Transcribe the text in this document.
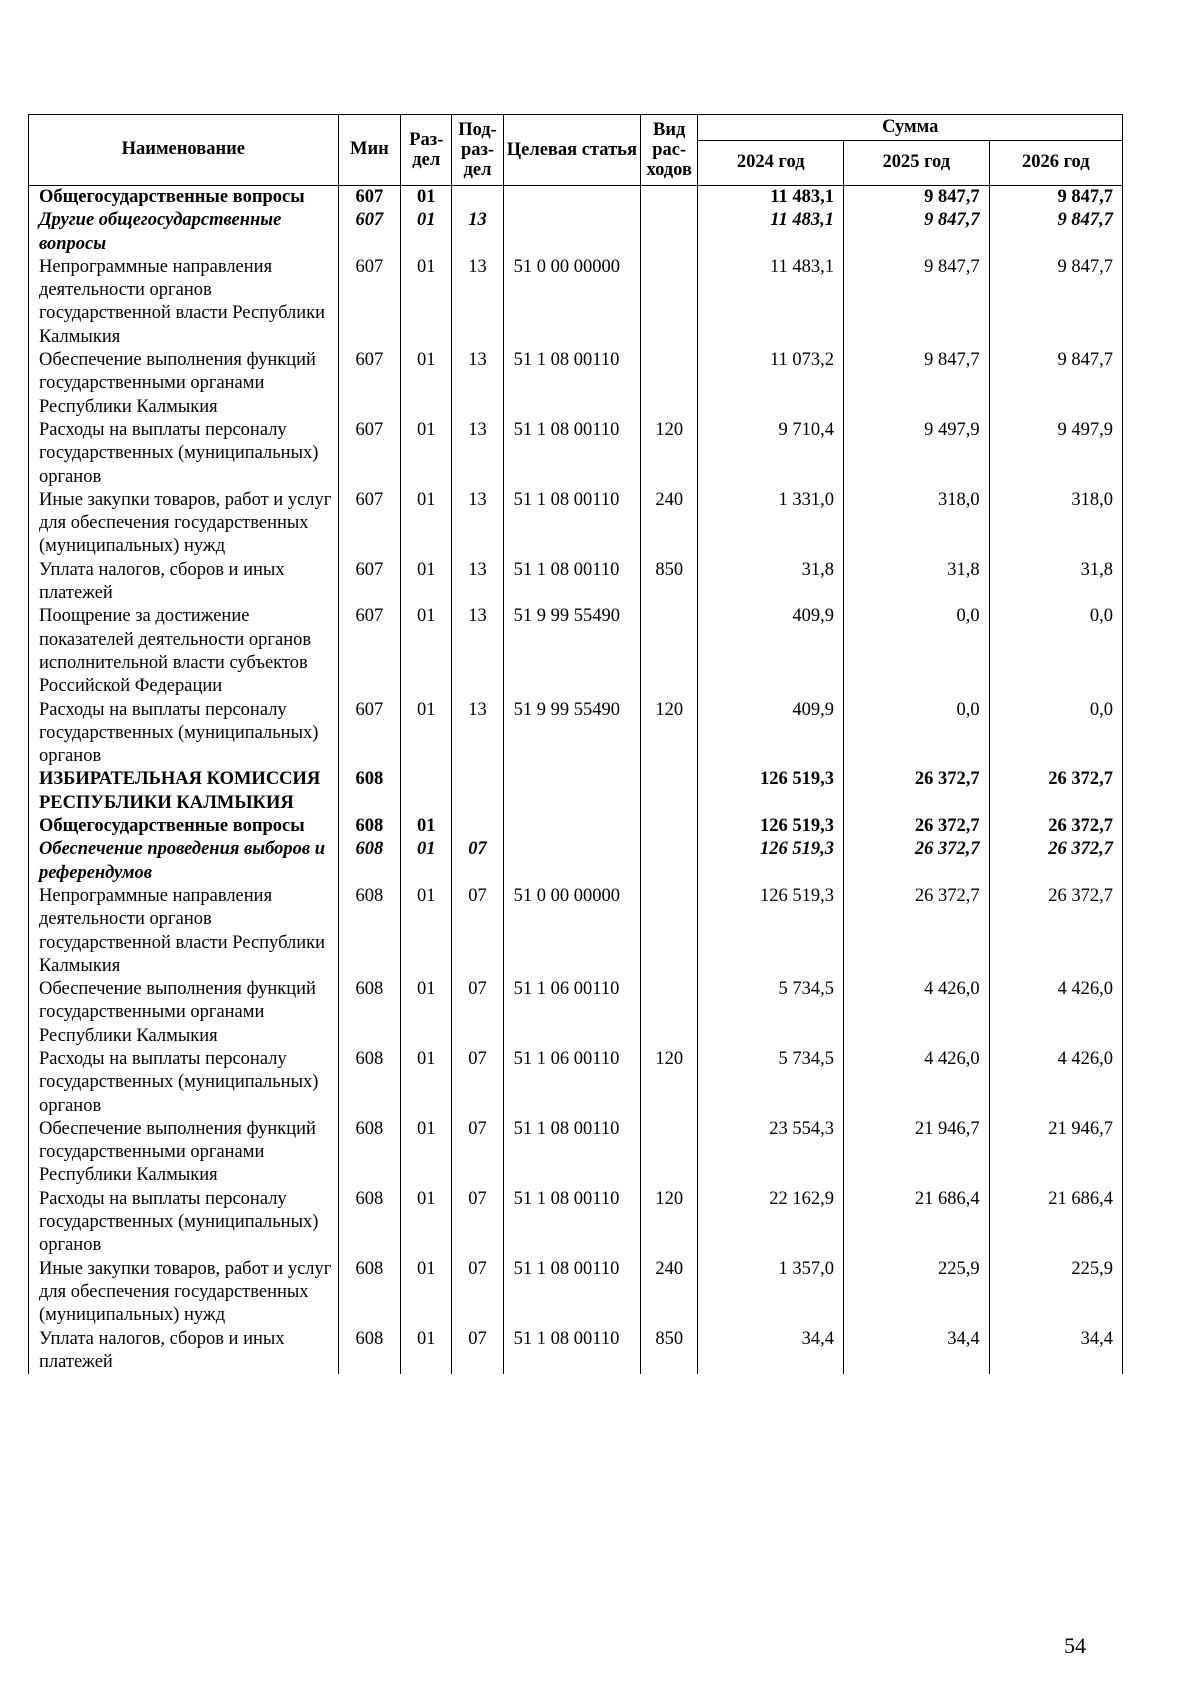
Наименование	Мин	Раз-дел	Под-раз-дел	Целевая статья	Вид рас-ходов	Сумма		
						2024 год	2025 год	2026 год
Общегосударственные вопросы	607	01				11 483,1	9 847,7	9 847,7
Другие общегосударственные вопросы	607	01	13			11 483,1	9 847,7	9 847,7
Непрограммные направления деятельности органов государственной власти Республики Калмыкия	607	01	13	51 0 00 00000		11 483,1	9 847,7	9 847,7
Обеспечение выполнения функций государственными органами Республики Калмыкия	607	01	13	51 1 08 00110		11 073,2	9 847,7	9 847,7
Расходы на выплаты персоналу государственных (муниципальных) органов	607	01	13	51 1 08 00110	120	9 710,4	9 497,9	9 497,9
Иные закупки товаров, работ и услуг для обеспечения государственных (муниципальных) нужд	607	01	13	51 1 08 00110	240	1 331,0	318,0	318,0
Уплата налогов, сборов и иных платежей	607	01	13	51 1 08 00110	850	31,8	31,8	31,8
Поощрение за достижение показателей деятельности органов исполнительной власти субъектов Российской Федерации	607	01	13	51 9 99 55490		409,9	0,0	0,0
Расходы на выплаты персоналу государственных (муниципальных) органов	607	01	13	51 9 99 55490	120	409,9	0,0	0,0
ИЗБИРАТЕЛЬНАЯ КОМИССИЯ РЕСПУБЛИКИ КАЛМЫКИЯ	608					126 519,3	26 372,7	26 372,7
Общегосударственные вопросы	608	01				126 519,3	26 372,7	26 372,7
Обеспечение проведения выборов и референдумов	608	01	07			126 519,3	26 372,7	26 372,7
Непрограммные направления деятельности органов государственной власти Республики Калмыкия	608	01	07	51 0 00 00000		126 519,3	26 372,7	26 372,7
Обеспечение выполнения функций государственными органами Республики Калмыкия	608	01	07	51 1 06 00110		5 734,5	4 426,0	4 426,0
Расходы на выплаты персоналу государственных (муниципальных) органов	608	01	07	51 1 06 00110	120	5 734,5	4 426,0	4 426,0
Обеспечение выполнения функций государственными органами Республики Калмыкия	608	01	07	51 1 08 00110		23 554,3	21 946,7	21 946,7
Расходы на выплаты персоналу государственных (муниципальных) органов	608	01	07	51 1 08 00110	120	22 162,9	21 686,4	21 686,4
Иные закупки товаров, работ и услуг для обеспечения государственных (муниципальных) нужд	608	01	07	51 1 08 00110	240	1 357,0	225,9	225,9
Уплата налогов, сборов и иных платежей	608	01	07	51 1 08 00110	850	34,4	34,4	34,4
54
